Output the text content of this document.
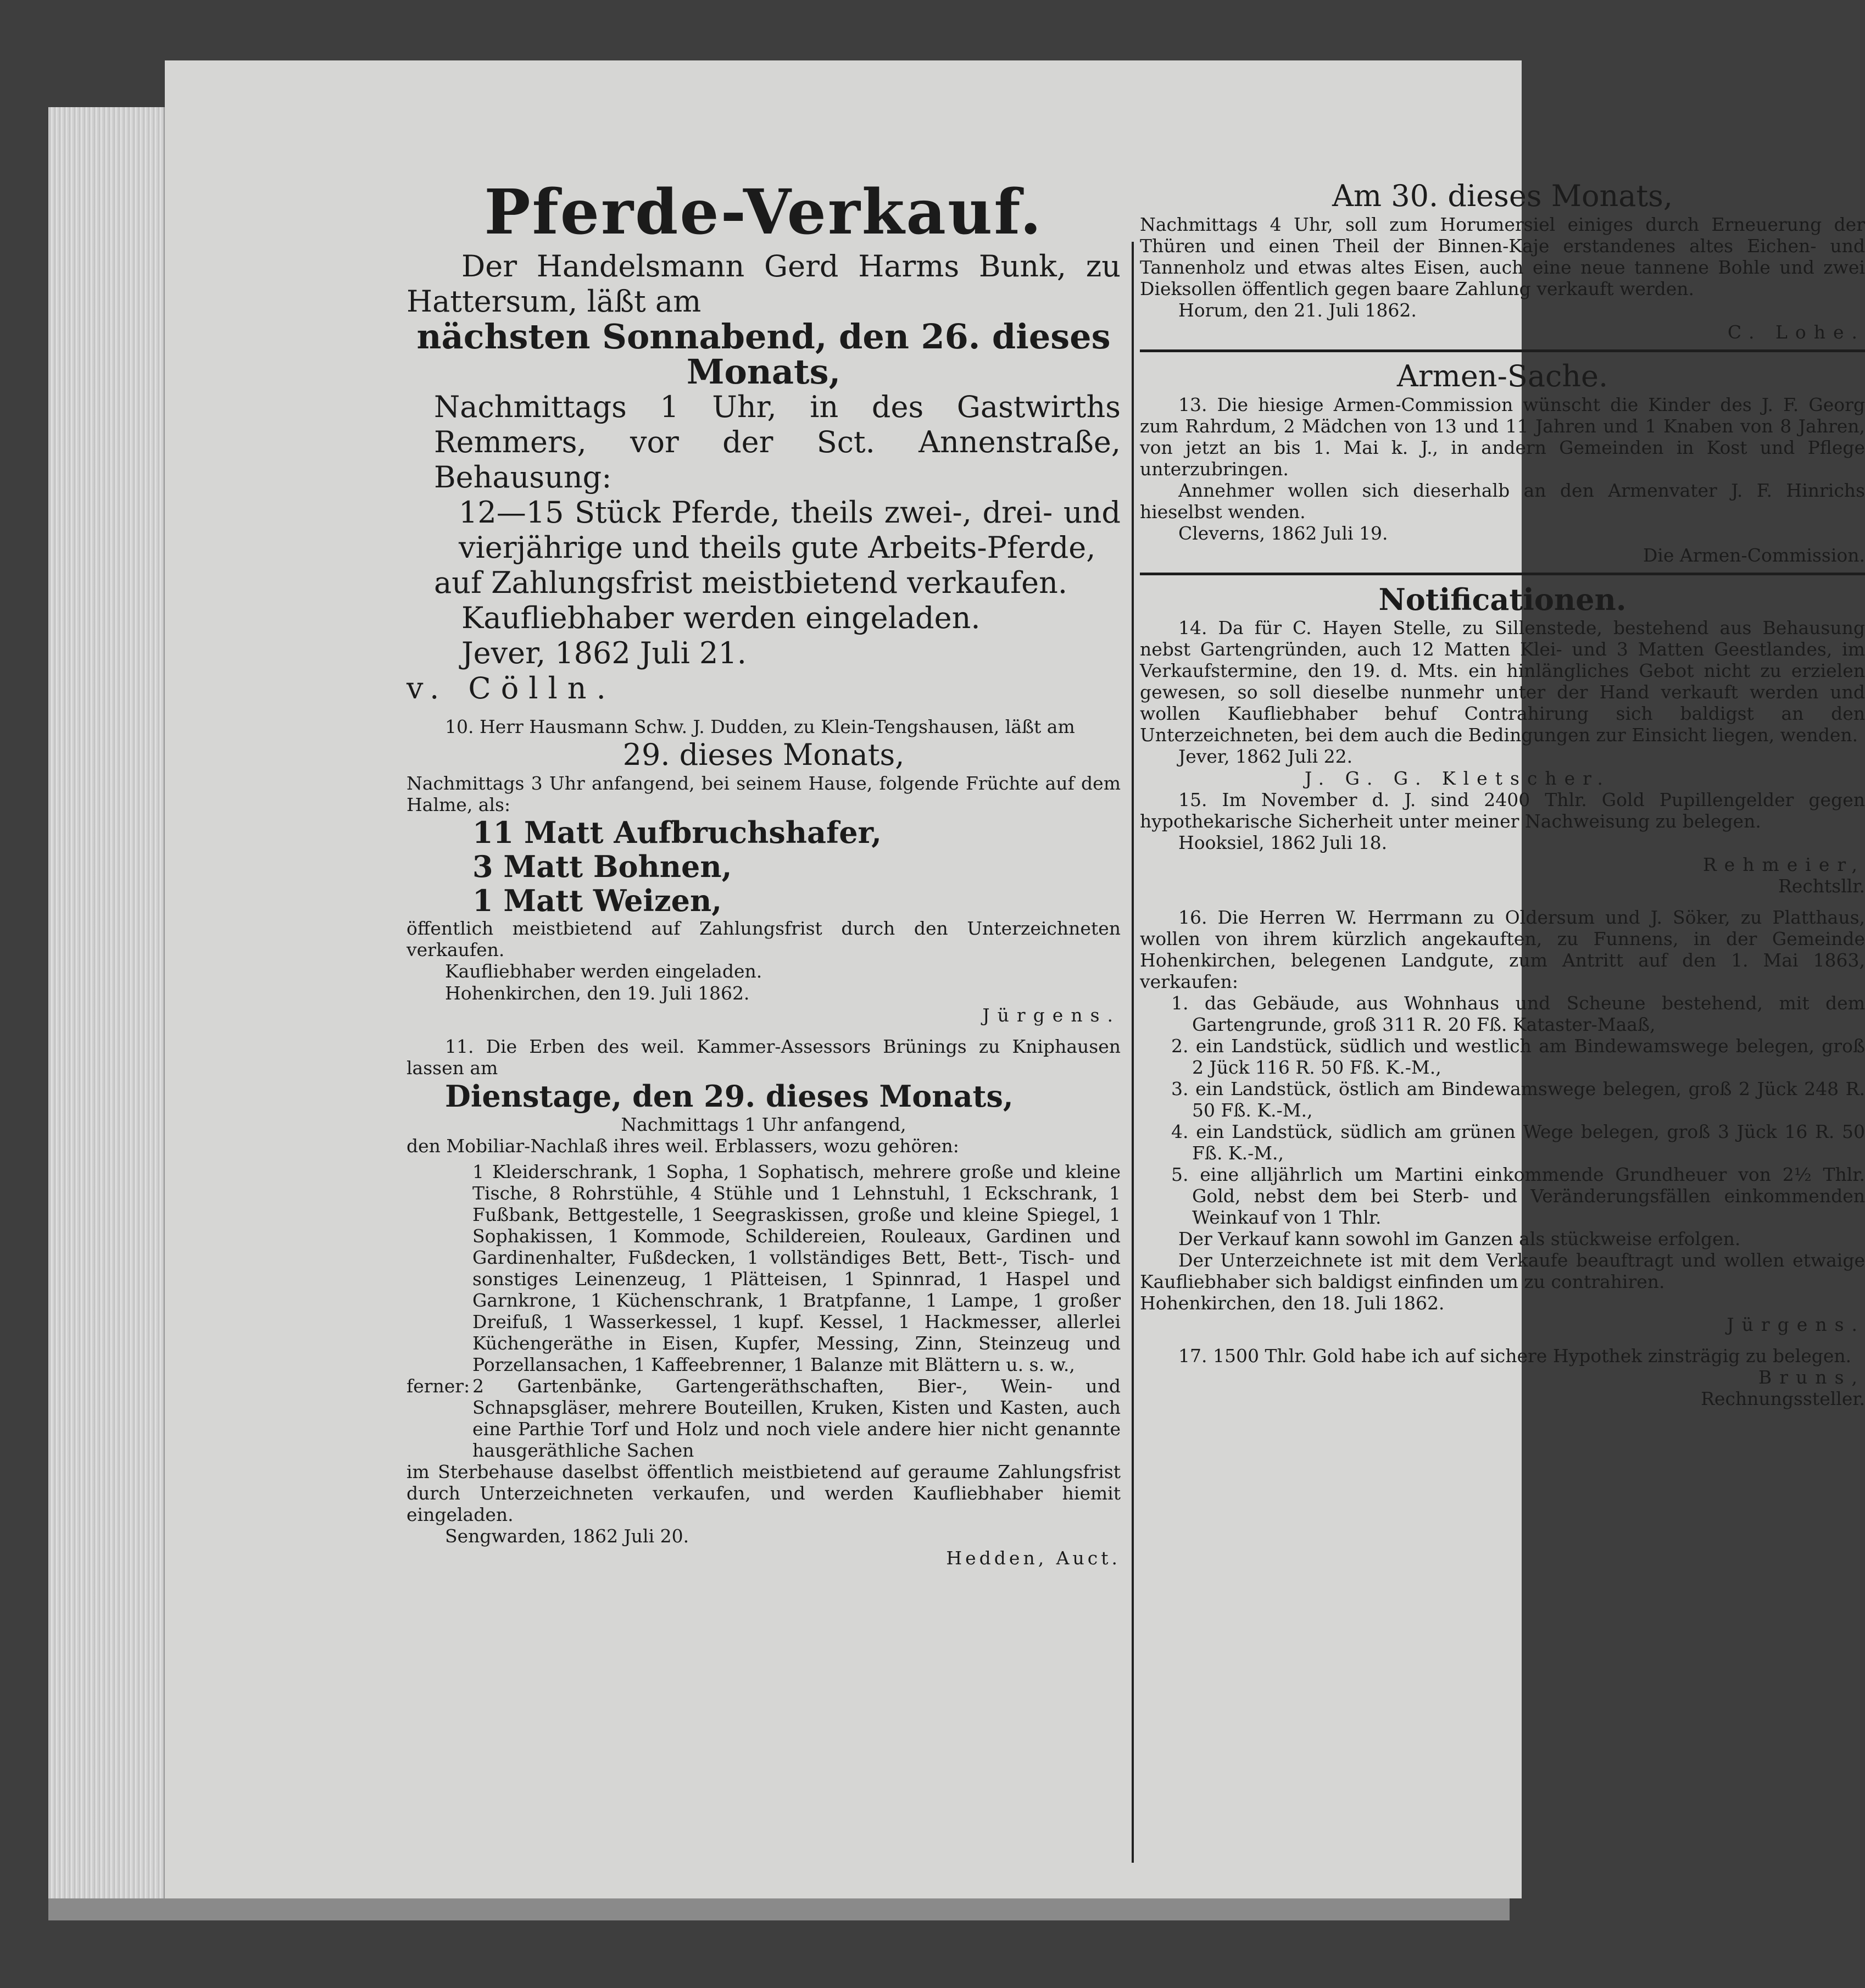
Pferde-Verkauf.

Der Handelsmann Gerd Harms Bunk, zu Hattersum, läßt am

nächsten Sonnabend, den 26. dieses Monats,

Nachmittags 1 Uhr, in des Gastwirths Remmers, vor der Sct. Annenstraße, Behausung:

12—15 Stück Pferde, theils zwei-, drei- und vierjährige und theils gute Arbeits-Pferde,

auf Zahlungsfrist meistbietend verkaufen.

Kaufliebhaber werden eingeladen.

Jever, 1862 Juli 21.

v. Cölln.

10. Herr Hausmann Schw. J. Dudden, zu Klein-Tengshausen, läßt am

29. dieses Monats,

Nachmittags 3 Uhr anfangend, bei seinem Hause, folgende Früchte auf dem Halme, als:

11 Matt Aufbruchshafer,

3 Matt Bohnen,

1 Matt Weizen,

öffentlich meistbietend auf Zahlungsfrist durch den Unterzeichneten verkaufen.

Kaufliebhaber werden eingeladen.

Hohenkirchen, den 19. Juli 1862.

Jürgens.

11. Die Erben des weil. Kammer-Assessors Brünings zu Kniphausen lassen am

Dienstage, den 29. dieses Monats,

Nachmittags 1 Uhr anfangend,

den Mobiliar-Nachlaß ihres weil. Erblassers, wozu gehören:

1 Kleiderschrank, 1 Sopha, 1 Sophatisch, mehrere große und kleine Tische, 8 Rohrstühle, 4 Stühle und 1 Lehnstuhl, 1 Eckschrank, 1 Fußbank, Bettgestelle, 1 Seegraskissen, große und kleine Spiegel, 1 Sophakissen, 1 Kommode, Schildereien, Rouleaux, Gardinen und Gardinenhalter, Fußdecken, 1 vollständiges Bett, Bett-, Tisch- und sonstiges Leinenzeug, 1 Plätteisen, 1 Spinnrad, 1 Haspel und Garnkrone, 1 Küchenschrank, 1 Bratpfanne, 1 Lampe, 1 großer Dreifuß, 1 Wasserkessel, 1 kupf. Kessel, 1 Hackmesser, allerlei Küchengeräthe in Eisen, Kupfer, Messing, Zinn, Steinzeug und Porzellansachen, 1 Kaffeebrenner, 1 Balanze mit Blättern u. s. w.,

ferner: 2 Gartenbänke, Gartengeräthschaften, Bier-, Wein- und Schnapsgläser, mehrere Bouteillen, Kruken, Kisten und Kasten, auch eine Parthie Torf und Holz und noch viele andere hier nicht genannte hausgeräthliche Sachen

im Sterbehause daselbst öffentlich meistbietend auf geraume Zahlungsfrist durch Unterzeichneten verkaufen, und werden Kaufliebhaber hiemit eingeladen.

Sengwarden, 1862 Juli 20.

Hedden, Auct.

Am 30. dieses Monats,

Nachmittags 4 Uhr, soll zum Horumersiel einiges durch Erneuerung der Thüren und einen Theil der Binnen-Kaje erstandenes altes Eichen- und Tannenholz und etwas altes Eisen, auch eine neue tannene Bohle und zwei Dieksollen öffentlich gegen baare Zahlung verkauft werden.

Horum, den 21. Juli 1862.

C. Lohe.

Armen-Sache.

13. Die hiesige Armen-Commission wünscht die Kinder des J. F. Georg zum Rahrdum, 2 Mädchen von 13 und 11 Jahren und 1 Knaben von 8 Jahren, von jetzt an bis 1. Mai k. J., in andern Gemeinden in Kost und Pflege unterzubringen.

Annehmer wollen sich dieserhalb an den Armenvater J. F. Hinrichs hieselbst wenden.

Cleverns, 1862 Juli 19.

Die Armen-Commission.

Notificationen.

14. Da für C. Hayen Stelle, zu Sillenstede, bestehend aus Behausung nebst Gartengründen, auch 12 Matten Klei- und 3 Matten Geestlandes, im Verkaufstermine, den 19. d. Mts. ein hinlängliches Gebot nicht zu erzielen gewesen, so soll dieselbe nunmehr unter der Hand verkauft werden und wollen Kaufliebhaber behuf Contrahirung sich baldigst an den Unterzeichneten, bei dem auch die Bedingungen zur Einsicht liegen, wenden.

Jever, 1862 Juli 22.

J. G. G. Kletscher.

15. Im November d. J. sind 2400 Thlr. Gold Pupillengelder gegen hypothekarische Sicherheit unter meiner Nachweisung zu belegen.

Hooksiel, 1862 Juli 18.

Rehmeier,

Rechtsllr.

16. Die Herren W. Herrmann zu Oldersum und J. Söker, zu Platthaus, wollen von ihrem kürzlich angekauften, zu Funnens, in der Gemeinde Hohenkirchen, belegenen Landgute, zum Antritt auf den 1. Mai 1863, verkaufen:

1. das Gebäude, aus Wohnhaus und Scheune bestehend, mit dem Gartengrunde, groß 311 R. 20 Fß. Kataster-Maaß,

2. ein Landstück, südlich und westlich am Bindewamswege belegen, groß 2 Jück 116 R. 50 Fß. K.-M.,

3. ein Landstück, östlich am Bindewamswege belegen, groß 2 Jück 248 R. 50 Fß. K.-M.,

4. ein Landstück, südlich am grünen Wege belegen, groß 3 Jück 16 R. 50 Fß. K.-M.,

5. eine alljährlich um Martini einkommende Grundheuer von 2½ Thlr. Gold, nebst dem bei Sterb- und Veränderungsfällen einkommenden Weinkauf von 1 Thlr.

Der Verkauf kann sowohl im Ganzen als stückweise erfolgen.

Der Unterzeichnete ist mit dem Verkaufe beauftragt und wollen etwaige Kaufliebhaber sich baldigst einfinden um zu contrahiren.

Hohenkirchen, den 18. Juli 1862.

Jürgens.

17. 1500 Thlr. Gold habe ich auf sichere Hypothek zinsträgig zu belegen.

Bruns,

Rechnungssteller.
